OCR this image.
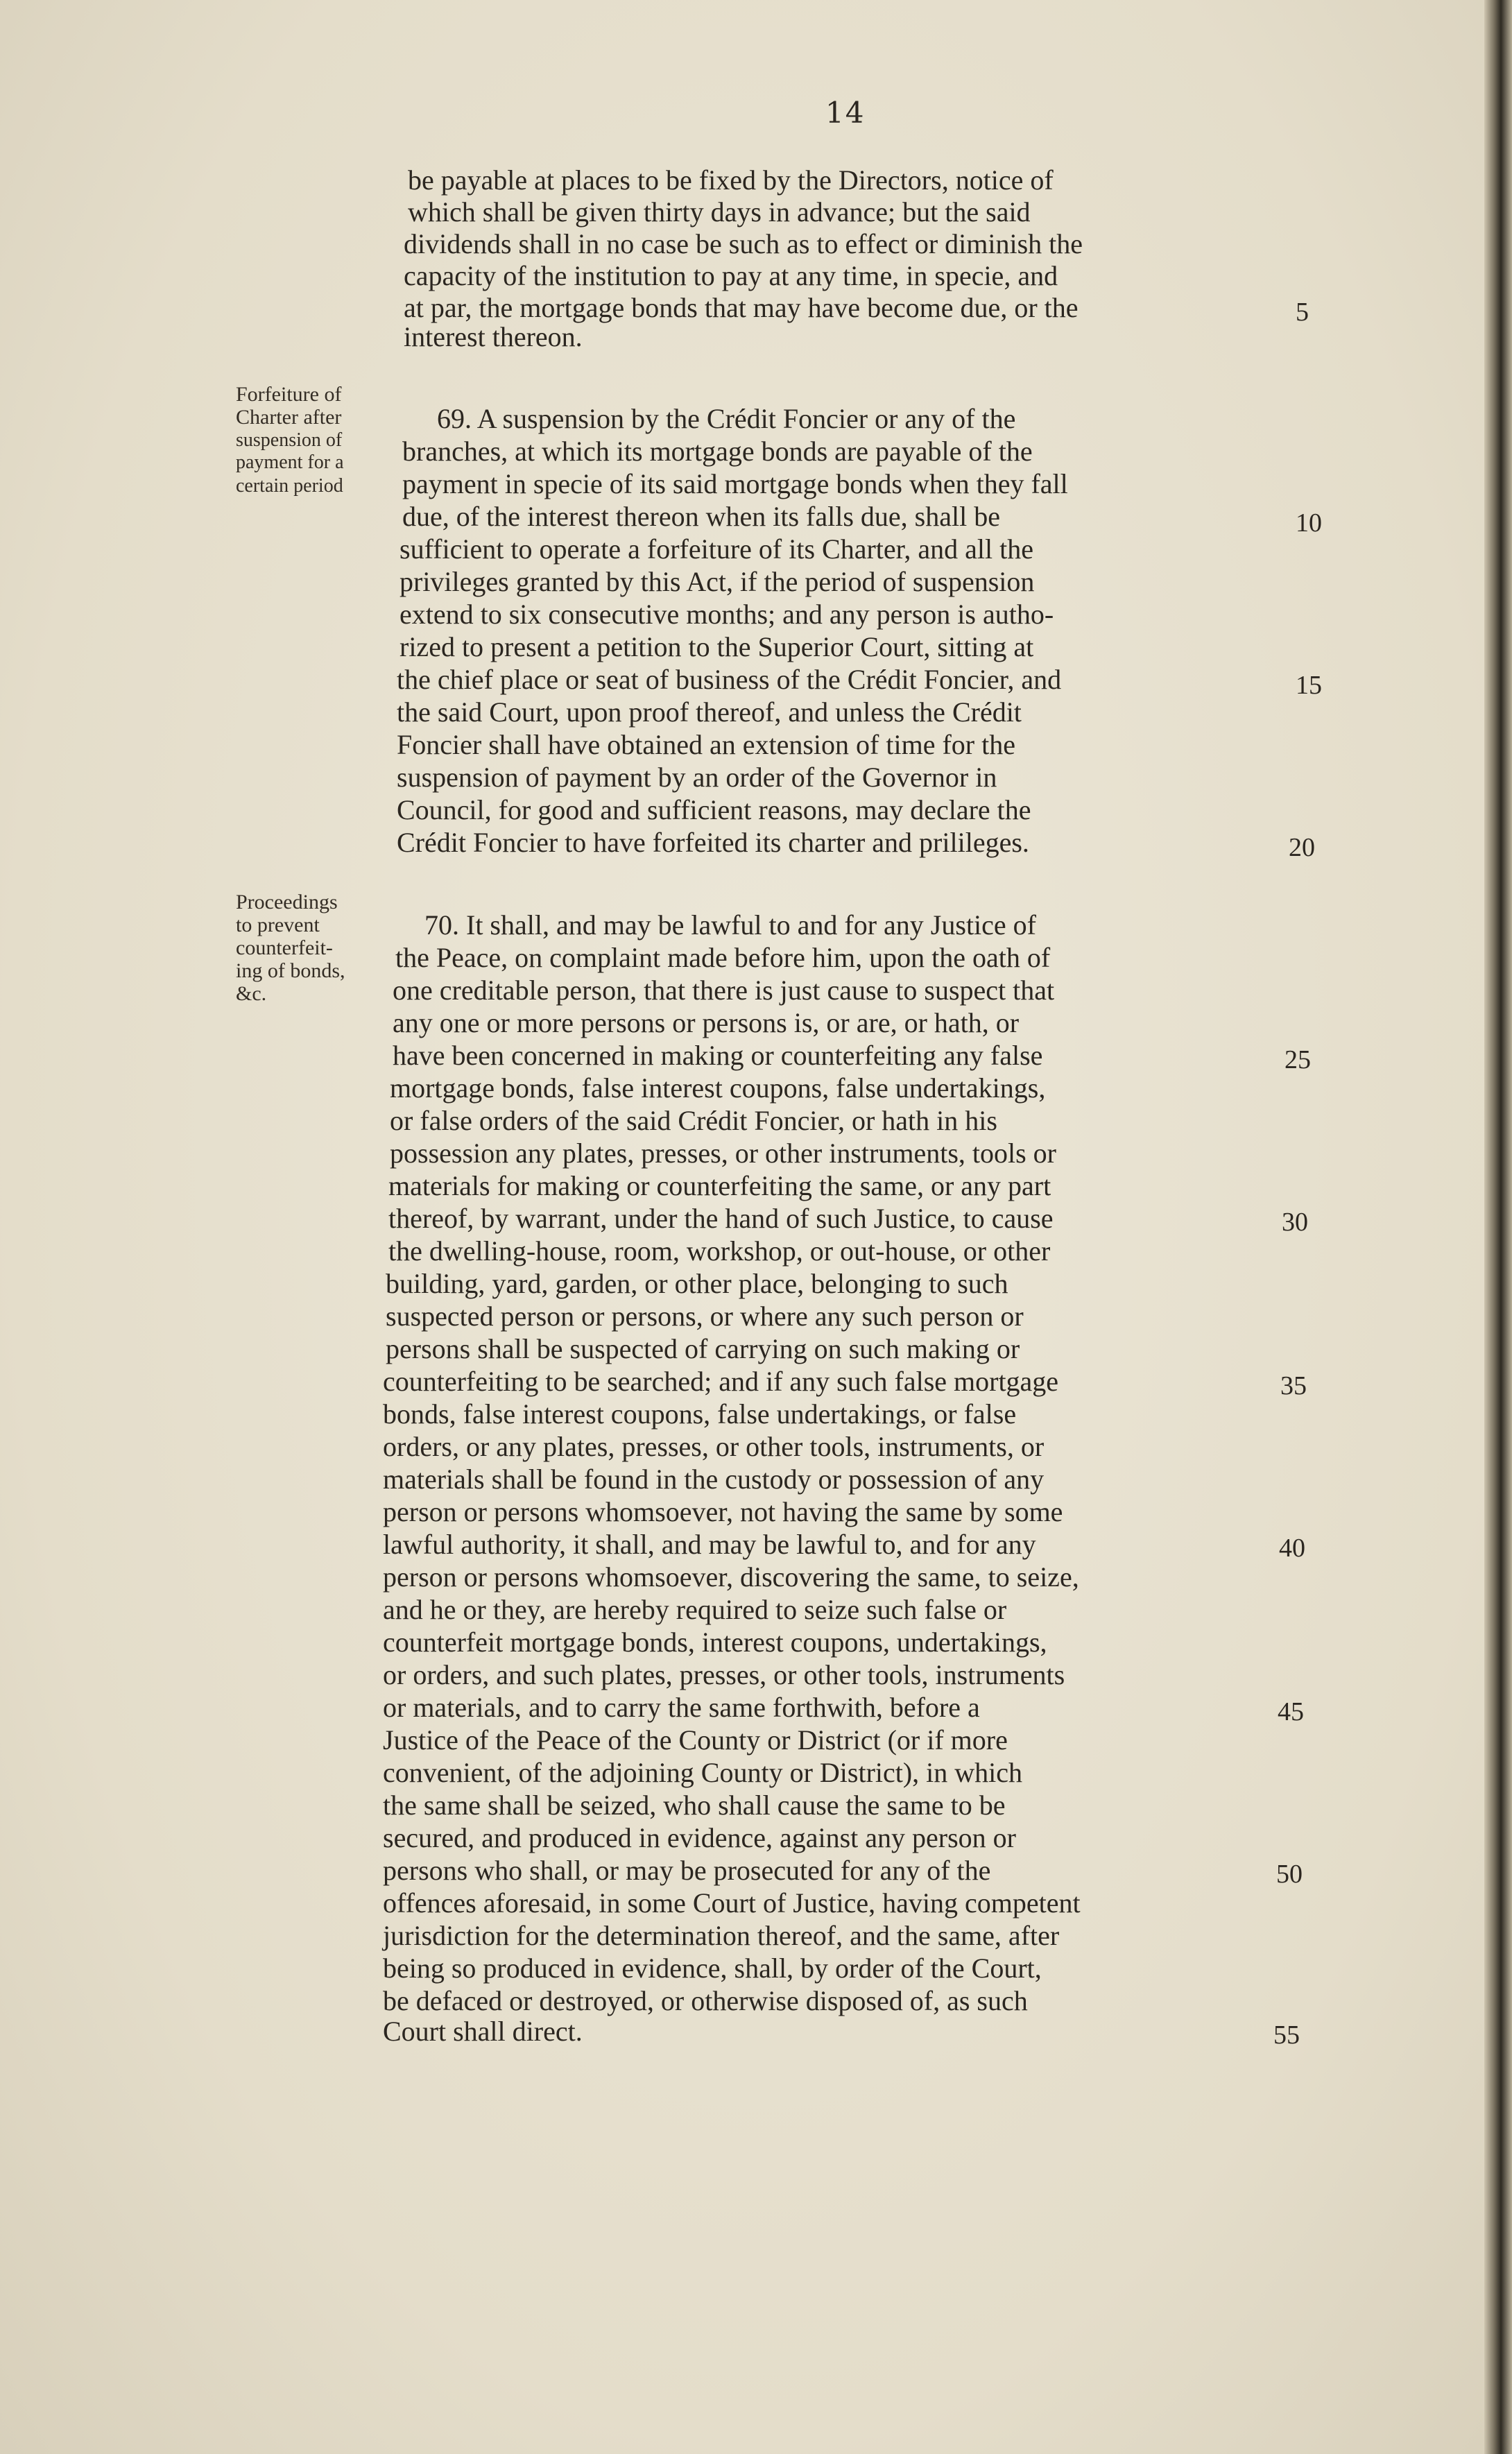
14
be payable at places to be fixed by the Directors, notice of
which shall be given thirty days in advance; but the said
dividends shall in no case be such as to effect or diminish the
capacity of the institution to pay at any time, in specie, and
at par, the mortgage bonds that may have become due, or the
interest thereon.
Forfeiture of
Charter after
suspension of
payment for a
certain period
69. A suspension by the Crédit Foncier or any of the
branches, at which its mortgage bonds are payable of the
payment in specie of its said mortgage bonds when they fall
due, of the interest thereon when its falls due, shall be
sufficient to operate a forfeiture of its Charter, and all the
privileges granted by this Act, if the period of suspension
extend to six consecutive months; and any person is autho-
rized to present a petition to the Superior Court, sitting at
the chief place or seat of business of the Crédit Foncier, and
the said Court, upon proof thereof, and unless the Crédit
Foncier shall have obtained an extension of time for the
suspension of payment by an order of the Governor in
Council, for good and sufficient reasons, may declare the
Crédit Foncier to have forfeited its charter and prilileges.
Proceedings
to prevent
counterfeit-
ing of bonds,
&c.
70. It shall, and may be lawful to and for any Justice of
the Peace, on complaint made before him, upon the oath of
one creditable person, that there is just cause to suspect that
any one or more persons or persons is, or are, or hath, or
have been concerned in making or counterfeiting any false
mortgage bonds, false interest coupons, false undertakings,
or false orders of the said Crédit Foncier, or hath in his
possession any plates, presses, or other instruments, tools or
materials for making or counterfeiting the same, or any part
thereof, by warrant, under the hand of such Justice, to cause
the dwelling-house, room, workshop, or out-house, or other
building, yard, garden, or other place, belonging to such
suspected person or persons, or where any such person or
persons shall be suspected of carrying on such making or
counterfeiting to be searched; and if any such false mortgage
bonds, false interest coupons, false undertakings, or false
orders, or any plates, presses, or other tools, instruments, or
materials shall be found in the custody or possession of any
person or persons whomsoever, not having the same by some
lawful authority, it shall, and may be lawful to, and for any
person or persons whomsoever, discovering the same, to seize,
and he or they, are hereby required to seize such false or
counterfeit mortgage bonds, interest coupons, undertakings,
or orders, and such plates, presses, or other tools, instruments
or materials, and to carry the same forthwith, before a
Justice of the Peace of the County or District (or if more
convenient, of the adjoining County or District), in which
the same shall be seized, who shall cause the same to be
secured, and produced in evidence, against any person or
persons who shall, or may be prosecuted for any of the
offences aforesaid, in some Court of Justice, having competent
jurisdiction for the determination thereof, and the same, after
being so produced in evidence, shall, by order of the Court,
be defaced or destroyed, or otherwise disposed of, as such
Court shall direct.
5
10
15
20
25
30
35
40
45
50
55
